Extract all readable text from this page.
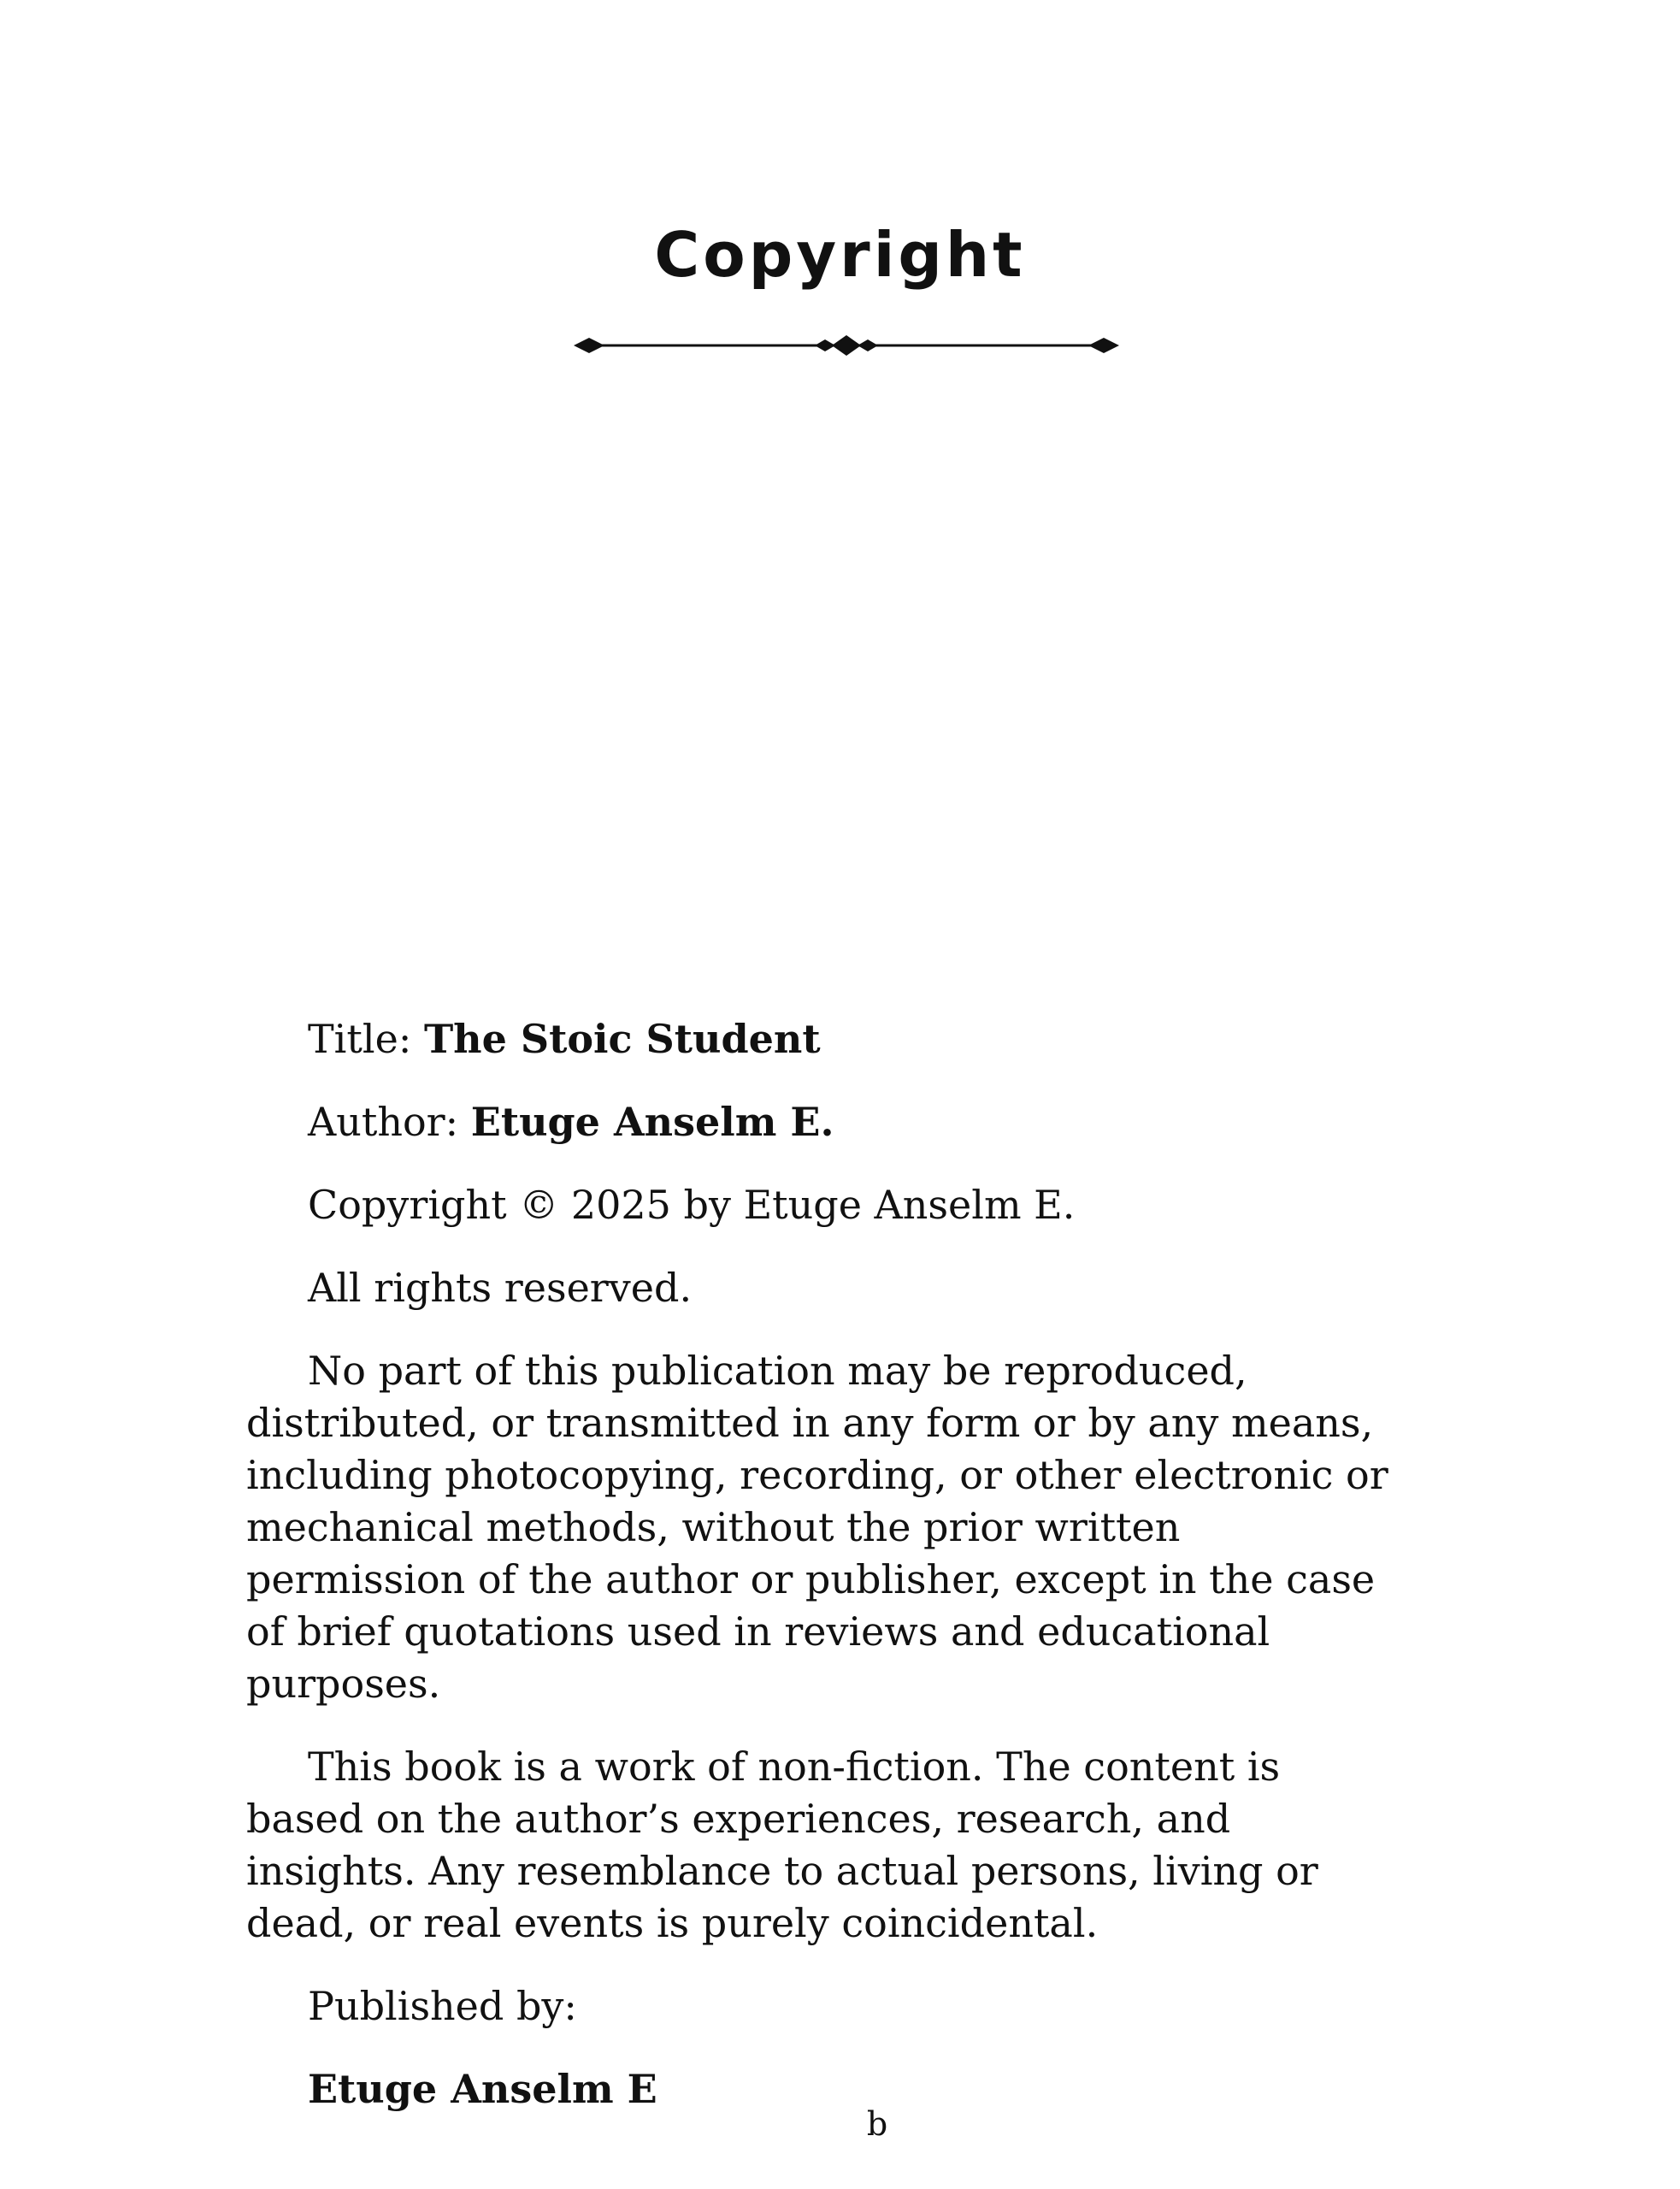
Copyright

Title: The Stoic Student

Author: Etuge Anselm E.

Copyright © 2025 by Etuge Anselm E.

All rights reserved.

No part of this publication may be reproduced, distributed, or transmitted in any form or by any means, including photocopying, recording, or other electronic or mechanical methods, without the prior written permission of the author or publisher, except in the case of brief quotations used in reviews and educational purposes.

This book is a work of non-fiction. The content is based on the author’s experiences, research, and insights. Any resemblance to actual persons, living or dead, or real events is purely coincidental.

Published by:

Etuge Anselm E

b
